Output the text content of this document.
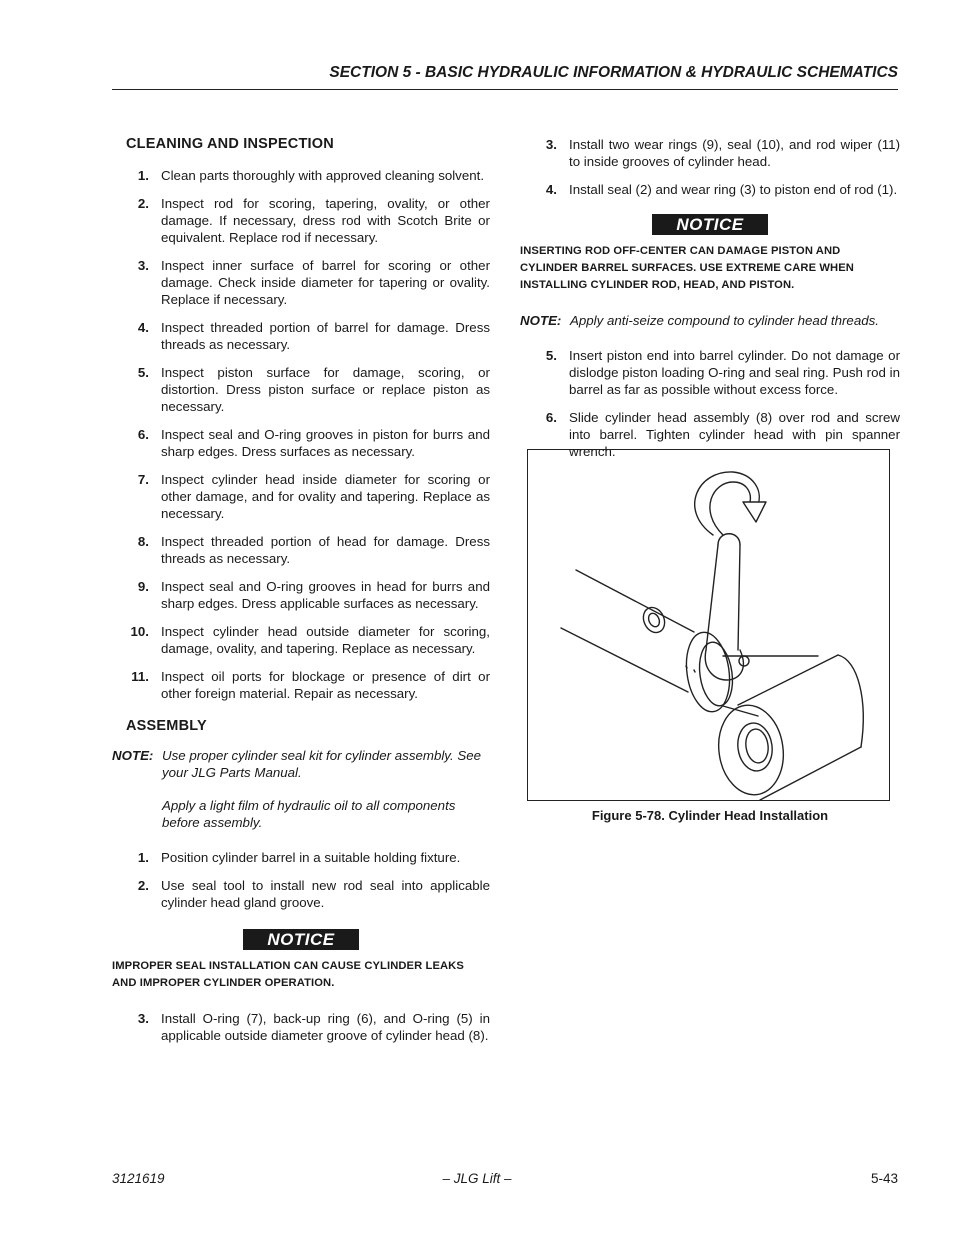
SECTION 5 - BASIC HYDRAULIC INFORMATION & HYDRAULIC SCHEMATICS
CLEANING AND INSPECTION
1. Clean parts thoroughly with approved cleaning solvent.
2. Inspect rod for scoring, tapering, ovality, or other damage. If necessary, dress rod with Scotch Brite or equivalent. Replace rod if necessary.
3. Inspect inner surface of barrel for scoring or other damage. Check inside diameter for tapering or ovality. Replace if necessary.
4. Inspect threaded portion of barrel for damage. Dress threads as necessary.
5. Inspect piston surface for damage, scoring, or distortion. Dress piston surface or replace piston as necessary.
6. Inspect seal and O-ring grooves in piston for burrs and sharp edges. Dress surfaces as necessary.
7. Inspect cylinder head inside diameter for scoring or other damage, and for ovality and tapering. Replace as necessary.
8. Inspect threaded portion of head for damage. Dress threads as necessary.
9. Inspect seal and O-ring grooves in head for burrs and sharp edges. Dress applicable surfaces as necessary.
10. Inspect cylinder head outside diameter for scoring, damage, ovality, and tapering. Replace as necessary.
11. Inspect oil ports for blockage or presence of dirt or other foreign material. Repair as necessary.
ASSEMBLY
NOTE: Use proper cylinder seal kit for cylinder assembly. See your JLG Parts Manual.
Apply a light film of hydraulic oil to all components before assembly.
1. Position cylinder barrel in a suitable holding fixture.
2. Use seal tool to install new rod seal into applicable cylinder head gland groove.
NOTICE
IMPROPER SEAL INSTALLATION CAN CAUSE CYLINDER LEAKS AND IMPROPER CYLINDER OPERATION.
3. Install O-ring (7), back-up ring (6), and O-ring (5) in applicable outside diameter groove of cylinder head (8).
3. Install two wear rings (9), seal (10), and rod wiper (11) to inside grooves of cylinder head.
4. Install seal (2) and wear ring (3) to piston end of rod (1).
NOTICE
INSERTING ROD OFF-CENTER CAN DAMAGE PISTON AND CYLINDER BARREL SURFACES. USE EXTREME CARE WHEN INSTALLING CYLINDER ROD, HEAD, AND PISTON.
NOTE: Apply anti-seize compound to cylinder head threads.
5. Insert piston end into barrel cylinder. Do not damage or dislodge piston loading O-ring and seal ring. Push rod in barrel as far as possible without excess force.
6. Slide cylinder head assembly (8) over rod and screw into barrel. Tighten cylinder head with pin spanner wrench.
Figure 5-78. Cylinder Head Installation
3121619	– JLG Lift –	5-43
